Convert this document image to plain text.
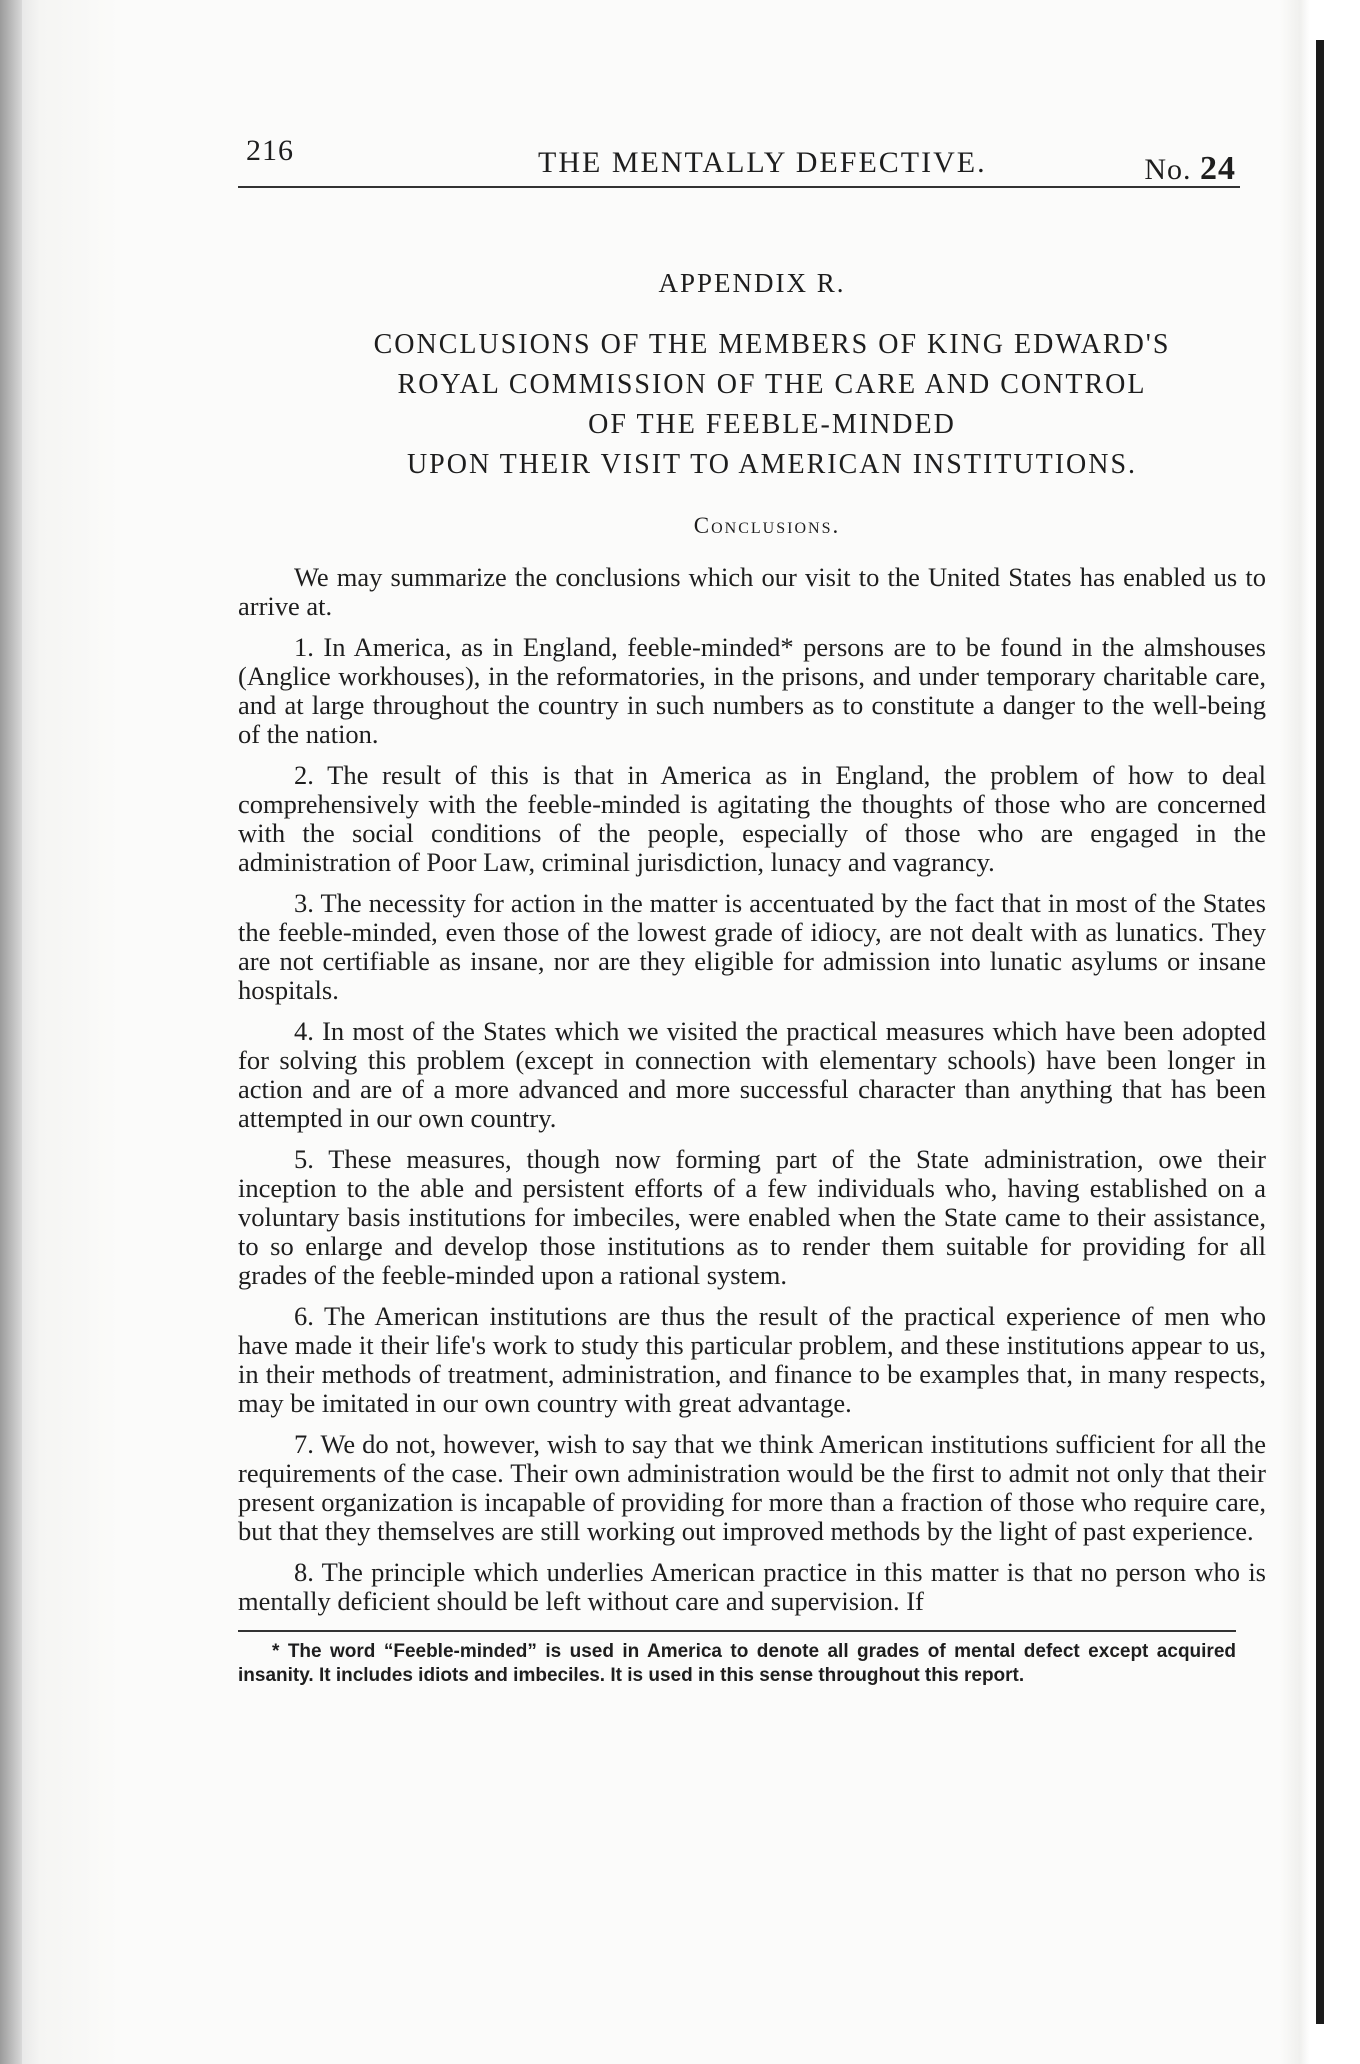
216	THE MENTALLY DEFECTIVE.	No. 24
APPENDIX R.
CONCLUSIONS OF THE MEMBERS OF KING EDWARD'S
ROYAL COMMISSION OF THE CARE AND CONTROL
OF THE FEEBLE-MINDED
UPON THEIR VISIT TO AMERICAN INSTITUTIONS.
Conclusions.

We may summarize the conclusions which our visit to the United States has enabled us to arrive at.

1. In America, as in England, feeble-minded* persons are to be found in the almshouses (Anglice workhouses), in the reformatories, in the prisons, and under temporary charitable care, and at large throughout the country in such numbers as to constitute a danger to the well-being of the nation.

2. The result of this is that in America as in England, the problem of how to deal comprehensively with the feeble-minded is agitating the thoughts of those who are concerned with the social conditions of the people, especially of those who are engaged in the administration of Poor Law, criminal jurisdiction, lunacy and vagrancy.

3. The necessity for action in the matter is accentuated by the fact that in most of the States the feeble-minded, even those of the lowest grade of idiocy, are not dealt with as lunatics. They are not certifiable as insane, nor are they eligible for admission into lunatic asylums or insane hospitals.

4. In most of the States which we visited the practical measures which have been adopted for solving this problem (except in connection with elementary schools) have been longer in action and are of a more advanced and more successful character than anything that has been attempted in our own country.

5. These measures, though now forming part of the State administration, owe their inception to the able and persistent efforts of a few individuals who, having established on a voluntary basis institutions for imbeciles, were enabled when the State came to their assistance, to so enlarge and develop those institutions as to render them suitable for providing for all grades of the feeble-minded upon a rational system.

6. The American institutions are thus the result of the practical experience of men who have made it their life's work to study this particular problem, and these institutions appear to us, in their methods of treatment, administration, and finance to be examples that, in many respects, may be imitated in our own country with great advantage.

7. We do not, however, wish to say that we think American institutions sufficient for all the requirements of the case. Their own administration would be the first to admit not only that their present organization is incapable of providing for more than a fraction of those who require care, but that they themselves are still working out improved methods by the light of past experience.

8. The principle which underlies American practice in this matter is that no person who is mentally deficient should be left without care and supervision. If

* The word “Feeble-minded” is used in America to denote all grades of mental defect except acquired insanity. It includes idiots and imbeciles. It is used in this sense throughout this report.
